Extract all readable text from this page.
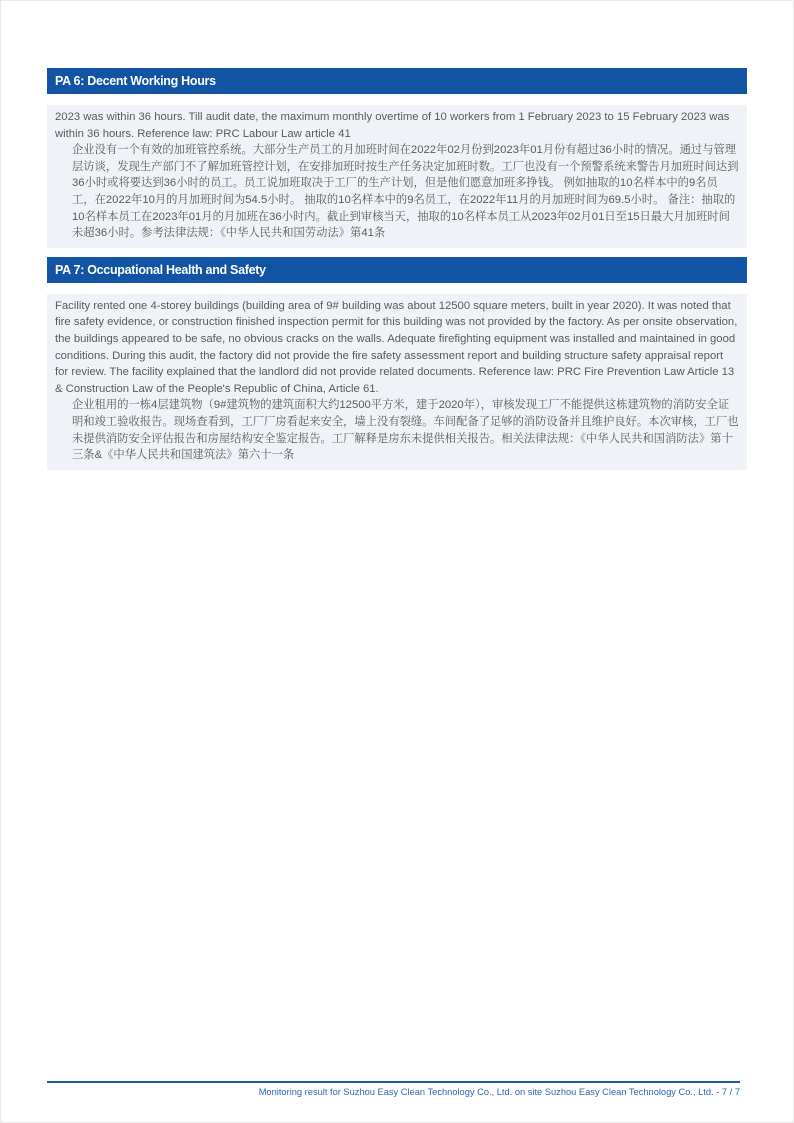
PA 6: Decent Working Hours

2023 was within 36 hours. Till audit date, the maximum monthly overtime of 10 workers from 1 February 2023 to 15 February 2023 was within 36 hours. Reference law: PRC Labour Law article 41

企业没有一个有效的加班管控系统。大部分生产员工的月加班时间在2022年02月份到2023年01月份有超过36小时的情况。通过与管理层访谈，发现生产部门不了解加班管控计划，在安排加班时按生产任务决定加班时数。工厂也没有一个预警系统来警告月加班时间达到36小时或将要达到36小时的员工。员工说加班取决于工厂的生产计划，但是他们愿意加班多挣钱。 例如抽取的10名样本中的9名员工，在2022年10月的月加班时间为54.5小时。 抽取的10名样本中的9名员工，在2022年11月的月加班时间为69.5小时。 备注：抽取的10名样本员工在2023年01月的月加班在36小时内。截止到审核当天，抽取的10名样本员工从2023年02月01日至15日最大月加班时间未超36小时。参考法律法规：《中华人民共和国劳动法》第41条

PA 7: Occupational Health and Safety

Facility rented one 4-storey buildings (building area of 9# building was about 12500 square meters, built in year 2020). It was noted that fire safety evidence, or construction finished inspection permit for this building was not provided by the factory. As per onsite observation, the buildings appeared to be safe, no obvious cracks on the walls. Adequate firefighting equipment was installed and maintained in good conditions. During this audit, the factory did not provide the fire safety assessment report and building structure safety appraisal report for review. The facility explained that the landlord did not provide related documents. Reference law: PRC Fire Prevention Law Article 13 & Construction Law of the People's Republic of China, Article 61.

企业租用的一栋4层建筑物（9#建筑物的建筑面积大约12500平方米，建于2020年），审核发现工厂不能提供这栋建筑物的消防安全证明和竣工验收报告。现场查看到，工厂厂房看起来安全，墙上没有裂缝。车间配备了足够的消防设备并且维护良好。本次审核，工厂也未提供消防安全评估报告和房屋结构安全鉴定报告。工厂解释是房东未提供相关报告。相关法律法规：《中华人民共和国消防法》第十三条&《中华人民共和国建筑法》第六十一条

Monitoring result for Suzhou Easy Clean Technology Co., Ltd. on site Suzhou Easy Clean Technology Co., Ltd. - 7 / 7
